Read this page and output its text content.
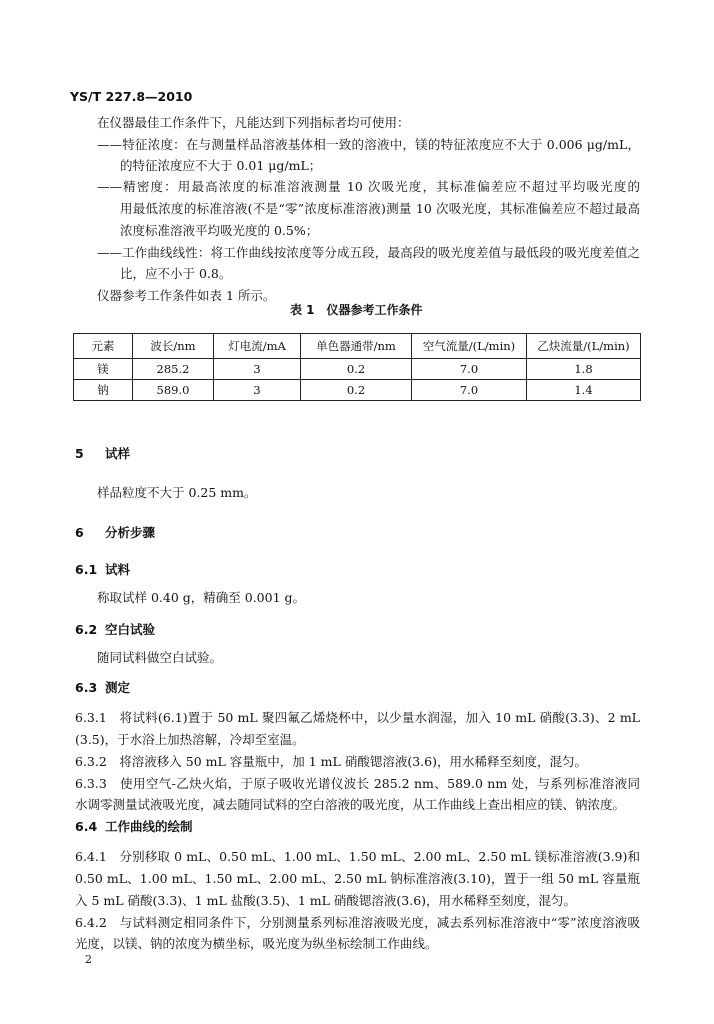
YS/T 227.8—2010
在仪器最佳工作条件下，凡能达到下列指标者均可使用：
——特征浓度：在与测量样品溶液基体相一致的溶液中，镁的特征浓度应不大于 0.006 μg/mL，
的特征浓度应不大于 0.01 μg/mL；
——精密度：用最高浓度的标准溶液测量 10 次吸光度，其标准偏差应不超过平均吸光度的
用最低浓度的标准溶液(不是“零”浓度标准溶液)测量 10 次吸光度，其标准偏差应不超过最高
浓度标准溶液平均吸光度的 0.5%；
——工作曲线线性：将工作曲线按浓度等分成五段，最高段的吸光度差值与最低段的吸光度差值之
比，应不小于 0.8。
仪器参考工作条件如表 1 所示。
表 1　仪器参考工作条件
元素	波长/nm	灯电流/mA	单色器通带/nm	空气流量/(L/min)	乙炔流量/(L/min)
镁	285.2	3	0.2	7.0	1.8
钠	589.0	3	0.2	7.0	1.4
5 试样
样品粒度不大于 0.25 mm。
6 分析步骤
6.1 试料
称取试样 0.40 g，精确至 0.001 g。
6.2 空白试验
随同试料做空白试验。
6.3 测定
6.3.1　将试料(6.1)置于 50 mL 聚四氟乙烯烧杯中，以少量水润湿，加入 10 mL 硝酸(3.3)、2 mL
(3.5)，于水浴上加热溶解，冷却至室温。
6.3.2　将溶液移入 50 mL 容量瓶中，加 1 mL 硝酸锶溶液(3.6)，用水稀释至刻度，混匀。
6.3.3　使用空气-乙炔火焰，于原子吸收光谱仪波长 285.2 nm、589.0 nm 处，与系列标准溶液同
水调零测量试液吸光度，减去随同试料的空白溶液的吸光度，从工作曲线上查出相应的镁、钠浓度。
6.4 工作曲线的绘制
6.4.1　分别移取 0 mL、0.50 mL、1.00 mL、1.50 mL、2.00 mL、2.50 mL 镁标准溶液(3.9)和
0.50 mL、1.00 mL、1.50 mL、2.00 mL、2.50 mL 钠标准溶液(3.10)，置于一组 50 mL 容量瓶
入 5 mL 硝酸(3.3)、1 mL 盐酸(3.5)、1 mL 硝酸锶溶液(3.6)，用水稀释至刻度，混匀。
6.4.2　与试料测定相同条件下，分别测量系列标准溶液吸光度，减去系列标准溶液中“零”浓度溶液吸
光度，以镁、钠的浓度为横坐标，吸光度为纵坐标绘制工作曲线。
2
